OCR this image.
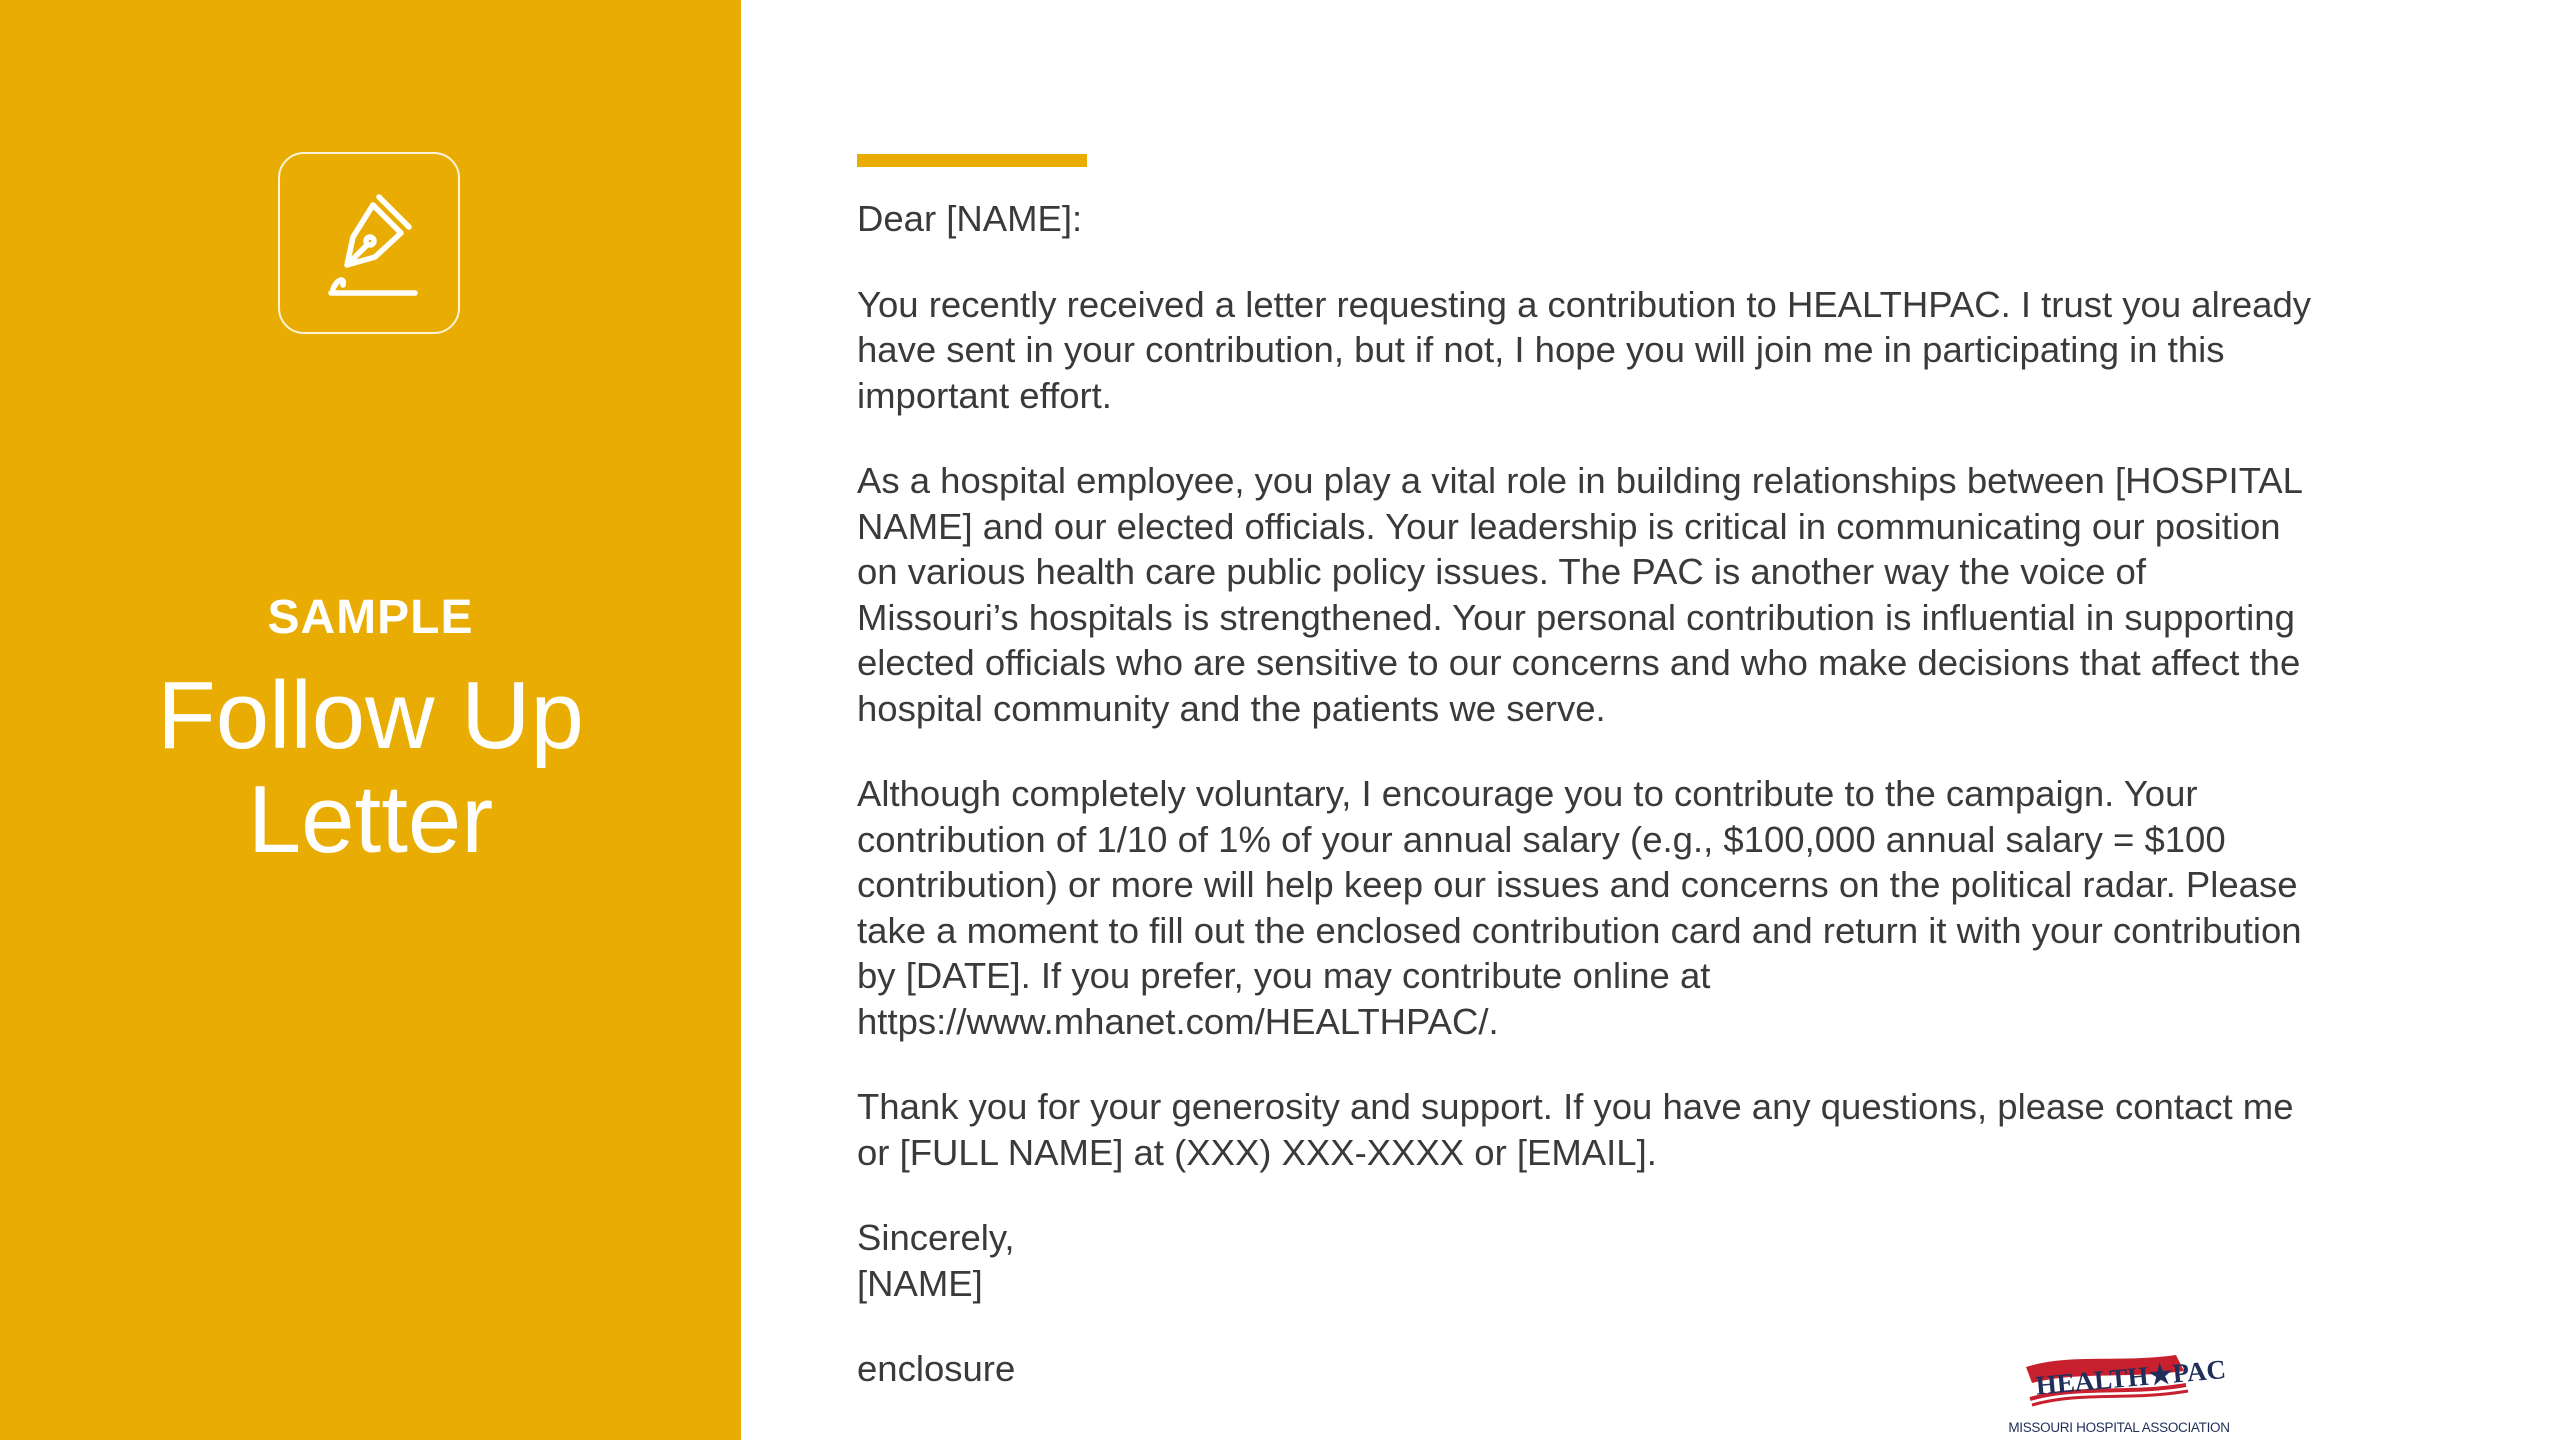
SAMPLE
Follow Up
Letter

Dear [NAME]:

You recently received a letter requesting a contribution to HEALTHPAC. I trust you already have sent in your contribution, but if not, I hope you will join me in participating in this important effort.

As a hospital employee, you play a vital role in building relationships between [HOSPITAL NAME] and our elected officials. Your leadership is critical in communicating our position on various health care public policy issues. The PAC is another way the voice of Missouri’s hospitals is strengthened. Your personal contribution is influential in supporting elected officials who are sensitive to our concerns and who make decisions that affect the hospital community and the patients we serve.

Although completely voluntary, I encourage you to contribute to the campaign. Your contribution of 1/10 of 1% of your annual salary (e.g., $100,000 annual salary = $100 contribution) or more will help keep our issues and concerns on the political radar. Please take a moment to fill out the enclosed contribution card and return it with your contribution by [DATE]. If you prefer, you may contribute online at https://www.mhanet.com/HEALTHPAC/.

Thank you for your generosity and support. If you have any questions, please contact me or [FULL NAME] at (XXX) XXX-XXXX or [EMAIL].

Sincerely,
[NAME]

enclosure	HEALTH★PAC
MISSOURI HOSPITAL ASSOCIATION
